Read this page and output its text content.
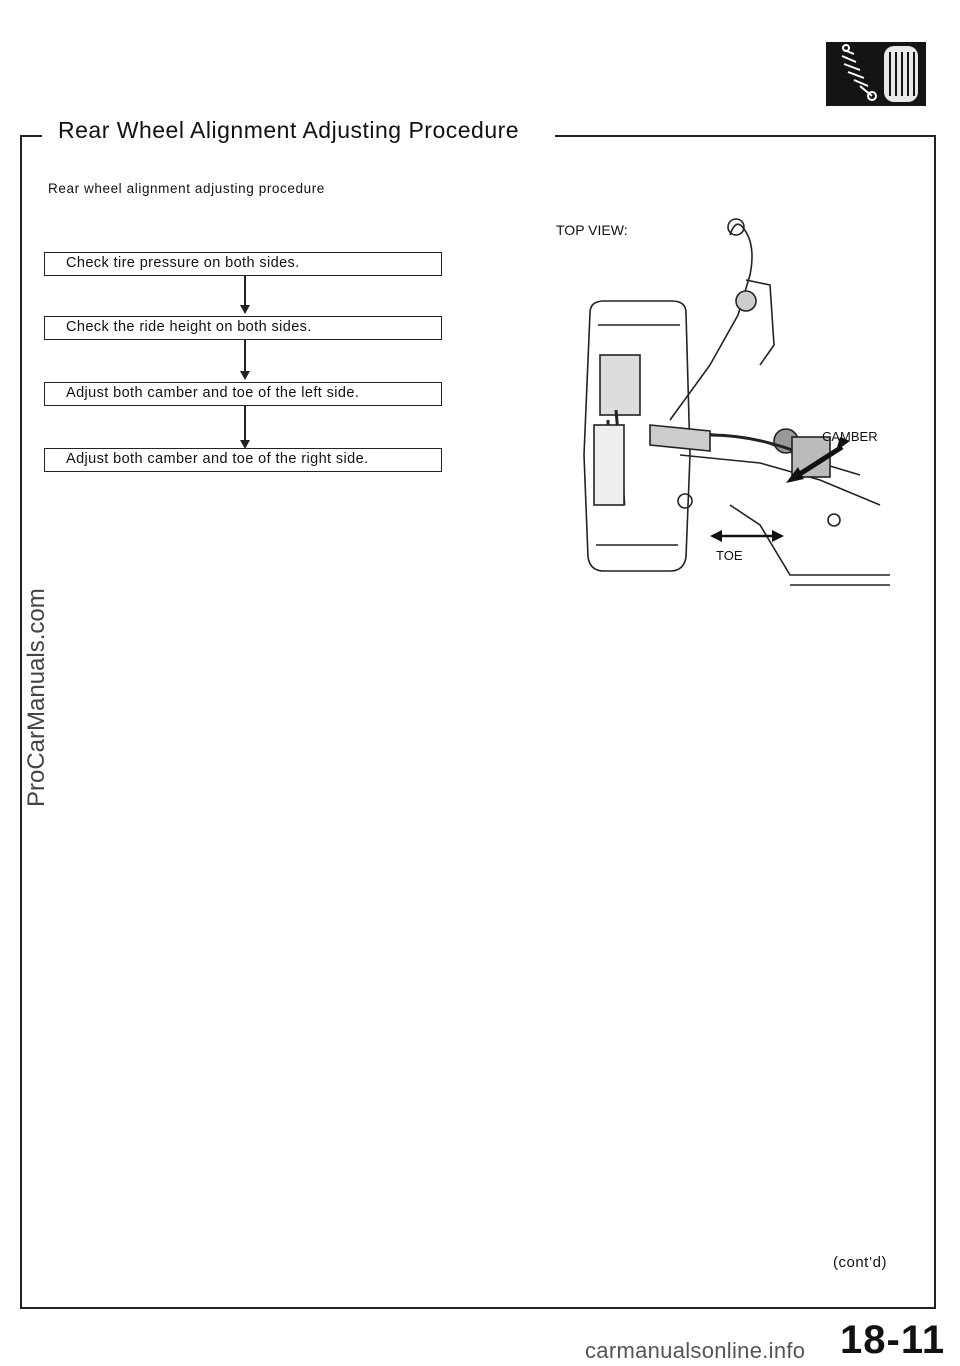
Rear Wheel Alignment Adjusting Procedure
Rear wheel alignment adjusting procedure
Check tire pressure on both sides.
Check the ride height on both sides.
Adjust both camber and toe of the left side.
Adjust both camber and toe of the right side.
TOP VIEW:
CAMBER
TOE
ProCarManuals.com
(cont’d)
18-11
carmanualsonline.info
